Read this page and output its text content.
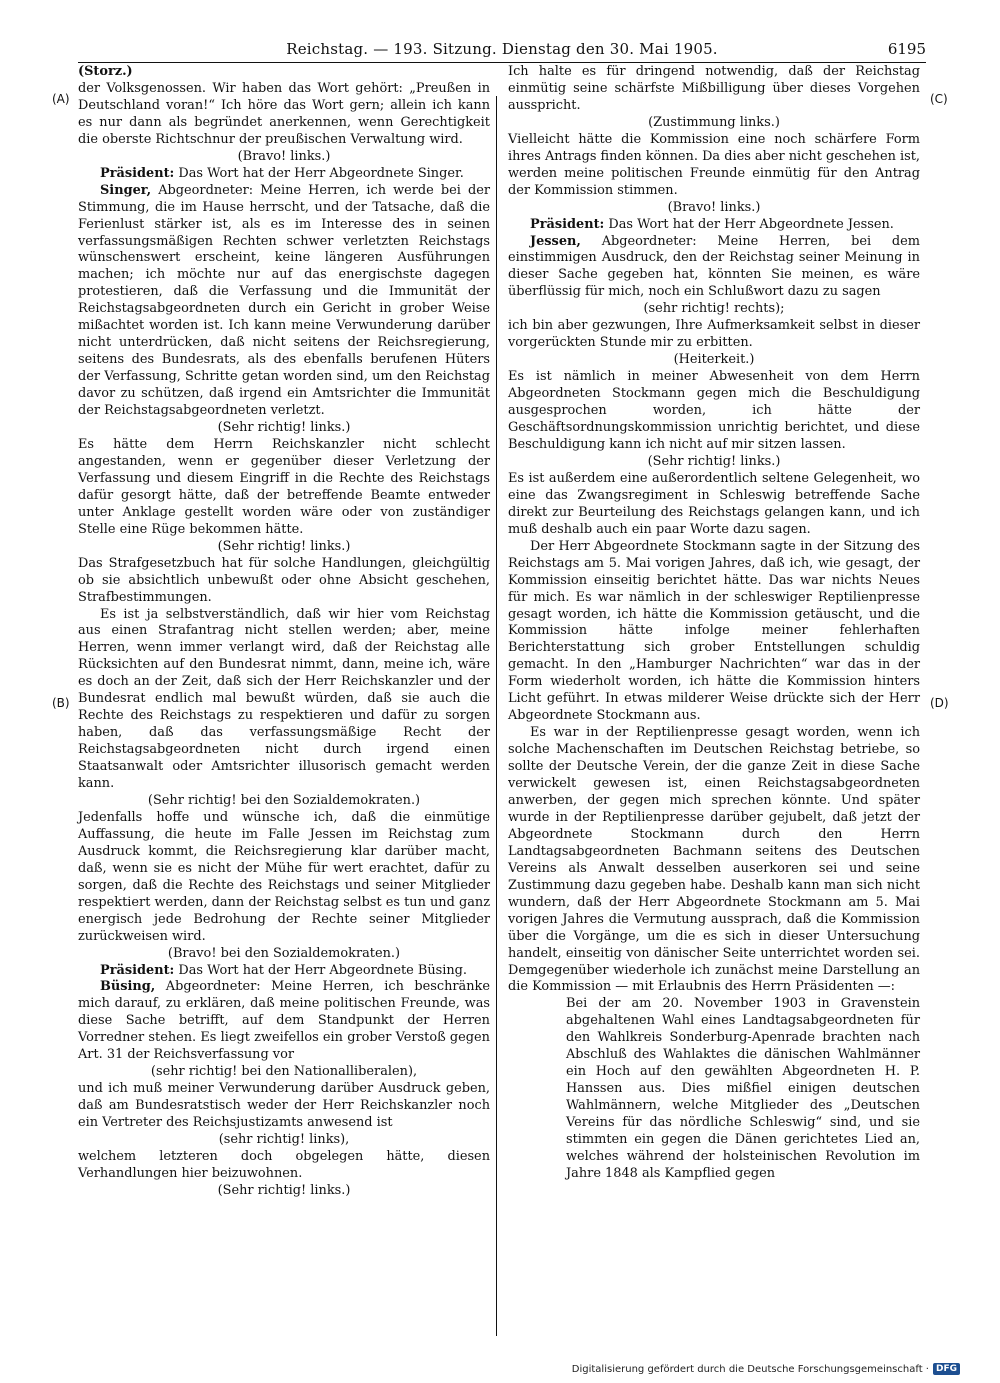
Reichstag. — 193. Sitzung. Dienstag den 30. Mai 1905.	6195
(A)
(B)
(C)
(D)

(Storz.)

der Volksgenossen. Wir haben das Wort gehört: „Preußen in Deutschland voran!“ Ich höre das Wort gern; allein ich kann es nur dann als begründet anerkennen, wenn Gerechtigkeit die oberste Richtschnur der preußischen Verwaltung wird.

(Bravo! links.)

Präsident: Das Wort hat der Herr Abgeordnete Singer.

Singer, Abgeordneter: Meine Herren, ich werde bei der Stimmung, die im Hause herrscht, und der Tatsache, daß die Ferienlust stärker ist, als es im Interesse des in seinen verfassungsmäßigen Rechten schwer verletzten Reichstags wünschenswert erscheint, keine längeren Ausführungen machen; ich möchte nur auf das energischste dagegen protestieren, daß die Verfassung und die Immunität der Reichstagsabgeordneten durch ein Gericht in grober Weise mißachtet worden ist. Ich kann meine Verwunderung darüber nicht unterdrücken, daß nicht seitens der Reichsregierung, seitens des Bundesrats, als des ebenfalls berufenen Hüters der Verfassung, Schritte getan worden sind, um den Reichstag davor zu schützen, daß irgend ein Amtsrichter die Immunität der Reichstagsabgeordneten verletzt.

(Sehr richtig! links.)

Es hätte dem Herrn Reichskanzler nicht schlecht angestanden, wenn er gegenüber dieser Verletzung der Verfassung und diesem Eingriff in die Rechte des Reichstags dafür gesorgt hätte, daß der betreffende Beamte entweder unter Anklage gestellt worden wäre oder von zuständiger Stelle eine Rüge bekommen hätte.

(Sehr richtig! links.)

Das Strafgesetzbuch hat für solche Handlungen, gleichgültig ob sie absichtlich unbewußt oder ohne Absicht geschehen, Strafbestimmungen.

Es ist ja selbstverständlich, daß wir hier vom Reichstag aus einen Strafantrag nicht stellen werden; aber, meine Herren, wenn immer verlangt wird, daß der Reichstag alle Rücksichten auf den Bundesrat nimmt, dann, meine ich, wäre es doch an der Zeit, daß sich der Herr Reichskanzler und der Bundesrat endlich mal bewußt würden, daß sie auch die Rechte des Reichstags zu respektieren und dafür zu sorgen haben, daß das verfassungsmäßige Recht der Reichstagsabgeordneten nicht durch irgend einen Staatsanwalt oder Amtsrichter illusorisch gemacht werden kann.

(Sehr richtig! bei den Sozialdemokraten.)

Jedenfalls hoffe und wünsche ich, daß die einmütige Auffassung, die heute im Falle Jessen im Reichstag zum Ausdruck kommt, die Reichsregierung klar darüber macht, daß, wenn sie es nicht der Mühe für wert erachtet, dafür zu sorgen, daß die Rechte des Reichstags und seiner Mitglieder respektiert werden, dann der Reichstag selbst es tun und ganz energisch jede Bedrohung der Rechte seiner Mitglieder zurückweisen wird.

(Bravo! bei den Sozialdemokraten.)

Präsident: Das Wort hat der Herr Abgeordnete Büsing.

Büsing, Abgeordneter: Meine Herren, ich beschränke mich darauf, zu erklären, daß meine politischen Freunde, was diese Sache betrifft, auf dem Standpunkt der Herren Vorredner stehen. Es liegt zweifellos ein grober Verstoß gegen Art. 31 der Reichsverfassung vor

(sehr richtig! bei den Nationalliberalen),

und ich muß meiner Verwunderung darüber Ausdruck geben, daß am Bundesratstisch weder der Herr Reichskanzler noch ein Vertreter des Reichsjustizamts anwesend ist

(sehr richtig! links),

welchem letzteren doch obgelegen hätte, diesen Verhandlungen hier beizuwohnen.

(Sehr richtig! links.)

Ich halte es für dringend notwendig, daß der Reichstag einmütig seine schärfste Mißbilligung über dieses Vorgehen ausspricht.

(Zustimmung links.)

Vielleicht hätte die Kommission eine noch schärfere Form ihres Antrags finden können. Da dies aber nicht geschehen ist, werden meine politischen Freunde einmütig für den Antrag der Kommission stimmen.

(Bravo! links.)

Präsident: Das Wort hat der Herr Abgeordnete Jessen.

Jessen, Abgeordneter: Meine Herren, bei dem einstimmigen Ausdruck, den der Reichstag seiner Meinung in dieser Sache gegeben hat, könnten Sie meinen, es wäre überflüssig für mich, noch ein Schlußwort dazu zu sagen

(sehr richtig! rechts);

ich bin aber gezwungen, Ihre Aufmerksamkeit selbst in dieser vorgerückten Stunde mir zu erbitten.

(Heiterkeit.)

Es ist nämlich in meiner Abwesenheit von dem Herrn Abgeordneten Stockmann gegen mich die Beschuldigung ausgesprochen worden, ich hätte der Geschäftsordnungskommission unrichtig berichtet, und diese Beschuldigung kann ich nicht auf mir sitzen lassen.

(Sehr richtig! links.)

Es ist außerdem eine außerordentlich seltene Gelegenheit, wo eine das Zwangsregiment in Schleswig betreffende Sache direkt zur Beurteilung des Reichstags gelangen kann, und ich muß deshalb auch ein paar Worte dazu sagen.

Der Herr Abgeordnete Stockmann sagte in der Sitzung des Reichstags am 5. Mai vorigen Jahres, daß ich, wie gesagt, der Kommission einseitig berichtet hätte. Das war nichts Neues für mich. Es war nämlich in der schleswiger Reptilienpresse gesagt worden, ich hätte die Kommission getäuscht, und die Kommission hätte infolge meiner fehlerhaften Berichterstattung sich grober Entstellungen schuldig gemacht. In den „Hamburger Nachrichten“ war das in der Form wiederholt worden, ich hätte die Kommission hinters Licht geführt. In etwas milderer Weise drückte sich der Herr Abgeordnete Stockmann aus.

Es war in der Reptilienpresse gesagt worden, wenn ich solche Machenschaften im Deutschen Reichstag betriebe, so sollte der Deutsche Verein, der die ganze Zeit in diese Sache verwickelt gewesen ist, einen Reichstagsabgeordneten anwerben, der gegen mich sprechen könnte. Und später wurde in der Reptilienpresse darüber gejubelt, daß jetzt der Abgeordnete Stockmann durch den Herrn Landtagsabgeordneten Bachmann seitens des Deutschen Vereins als Anwalt desselben auserkoren sei und seine Zustimmung dazu gegeben habe. Deshalb kann man sich nicht wundern, daß der Herr Abgeordnete Stockmann am 5. Mai vorigen Jahres die Vermutung aussprach, daß die Kommission über die Vorgänge, um die es sich in dieser Untersuchung handelt, einseitig von dänischer Seite unterrichtet worden sei. Demgegenüber wiederhole ich zunächst meine Darstellung an die Kommission — mit Erlaubnis des Herrn Präsidenten —:

Bei der am 20. November 1903 in Gravenstein abgehaltenen Wahl eines Landtagsabgeordneten für den Wahlkreis Sonderburg-Apenrade brachten nach Abschluß des Wahlaktes die dänischen Wahlmänner ein Hoch auf den gewählten Abgeordneten H. P. Hanssen aus. Dies mißfiel einigen deutschen Wahlmännern, welche Mitglieder des „Deutschen Vereins für das nördliche Schleswig“ sind, und sie stimmten ein gegen die Dänen gerichtetes Lied an, welches während der holsteinischen Revolution im Jahre 1848 als Kampflied gegen

Digitalisierung gefördert durch die Deutsche Forschungsgemeinschaft · DFG
